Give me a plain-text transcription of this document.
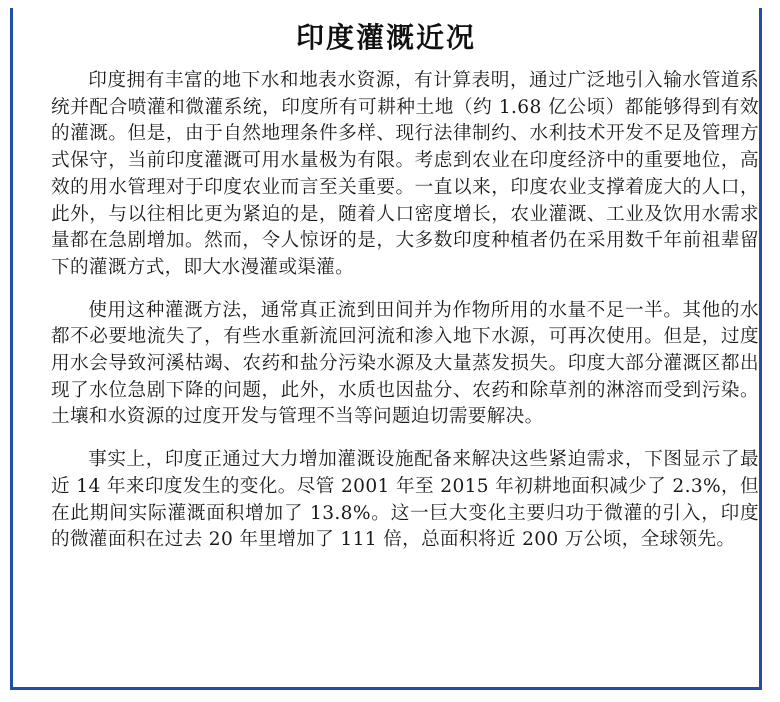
印度灌溉近况

印度拥有丰富的地下水和地表水资源，有计算表明，通过广泛地引入输水管道系统并配合喷灌和微灌系统，印度所有可耕种土地（约 1.68 亿公顷）都能够得到有效的灌溉。但是，由于自然地理条件多样、现行法律制约、水利技术开发不足及管理方式保守，当前印度灌溉可用水量极为有限。考虑到农业在印度经济中的重要地位，高效的用水管理对于印度农业而言至关重要。一直以来，印度农业支撑着庞大的人口，此外，与以往相比更为紧迫的是，随着人口密度增长，农业灌溉、工业及饮用水需求量都在急剧增加。然而，令人惊讶的是，大多数印度种植者仍在采用数千年前祖辈留下的灌溉方式，即大水漫灌或渠灌。

使用这种灌溉方法，通常真正流到田间并为作物所用的水量不足一半。其他的水都不必要地流失了，有些水重新流回河流和渗入地下水源，可再次使用。但是，过度用水会导致河溪枯竭、农药和盐分污染水源及大量蒸发损失。印度大部分灌溉区都出现了水位急剧下降的问题，此外，水质也因盐分、农药和除草剂的淋溶而受到污染。土壤和水资源的过度开发与管理不当等问题迫切需要解决。

事实上，印度正通过大力增加灌溉设施配备来解决这些紧迫需求，下图显示了最近 14 年来印度发生的变化。尽管 2001 年至 2015 年初耕地面积减少了 2.3%，但在此期间实际灌溉面积增加了 13.8%。这一巨大变化主要归功于微灌的引入，印度的微灌面积在过去 20 年里增加了 111 倍，总面积将近 200 万公顷，全球领先。
